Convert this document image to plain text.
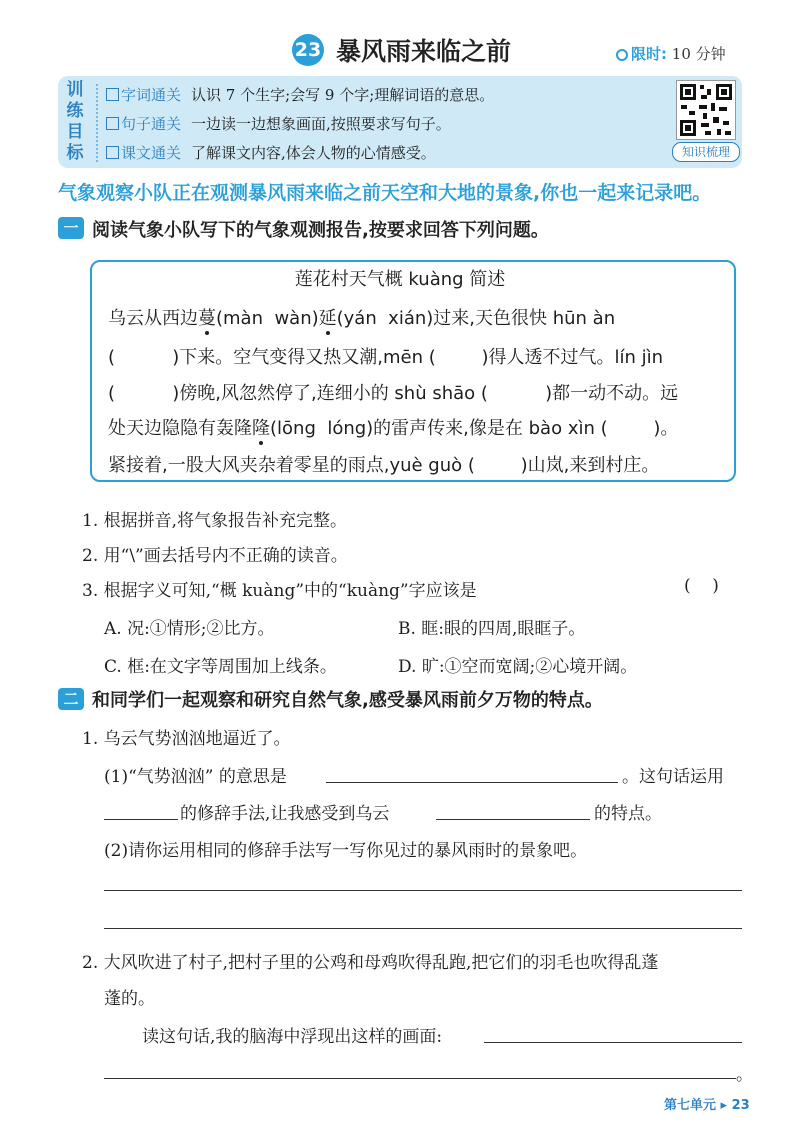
23 暴风雨来临之前	限时: 10 分钟
训练目标
字词通关 认识 7 个生字;会写 9 个字;理解词语的意思。
句子通关 一边读一边想象画面,按照要求写句子。
课文通关 了解课文内容,体会人物的心情感受。	知识梳理
气象观察小队正在观测暴风雨来临之前天空和大地的景象,你也一起来记录吧。
一 阅读气象小队写下的气象观测报告,按要求回答下列问题。
莲花村天气概 kuàng 简述
乌云从西边蔓(màn  wàn)延(yán  xián)过来,天色很快 hūn àn
(          )下来。空气变得又热又潮,mēn (        )得人透不过气。lín jìn
(          )傍晚,风忽然停了,连细小的 shù shāo (          )都一动不动。远
处天边隐隐有轰隆隆(lōng  lóng)的雷声传来,像是在 bào xìn (        )。
紧接着,一股大风夹杂着零星的雨点,yuè guò (        )山岚,来到村庄。
1. 根据拼音,将气象报告补充完整。
2. 用“\”画去括号内不正确的读音。
3. 根据字义可知,“概 kuàng”中的“kuàng”字应该是	(    )
A. 况:①情形;②比方。	B. 眶:眼的四周,眼眶子。
C. 框:在文字等周围加上线条。	D. 旷:①空而宽阔;②心境开阔。
二 和同学们一起观察和研究自然气象,感受暴风雨前夕万物的特点。
1. 乌云气势汹汹地逼近了。
(1)“气势汹汹” 的意思是	。这句话运用
的修辞手法,让我感受到乌云	的特点。
(2)请你运用相同的修辞手法写一写你见过的暴风雨时的景象吧。
2. 大风吹进了村子,把村子里的公鸡和母鸡吹得乱跑,把它们的羽毛也吹得乱蓬
蓬的。
读这句话,我的脑海中浮现出这样的画面:
。
第七单元 ▸ 23
